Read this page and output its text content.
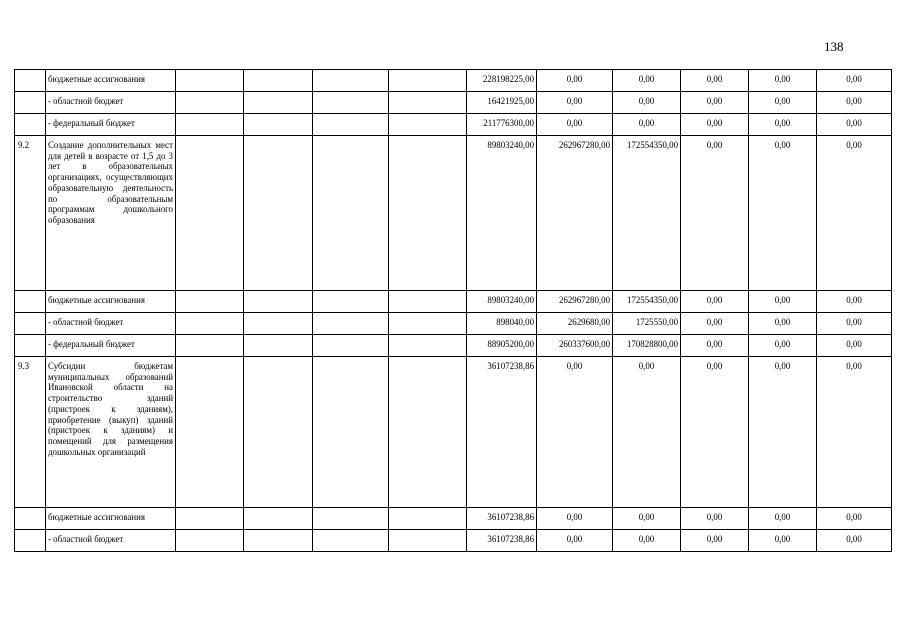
138
	бюджетные ассигнования					228198225,00	0,00	0,00	0,00	0,00	0,00
	- областной бюджет					16421925,00	0,00	0,00	0,00	0,00	0,00
	- федеральный бюджет					211776300,00	0,00	0,00	0,00	0,00	0,00
9.2	Создание дополнительных мест для детей в возрасте от 1,5 до 3 лет в образовательных организациях, осуществляющих образовательную деятельность по образовательным программам дошкольного образования					89803240,00	262967280,00	172554350,00	0,00	0,00	0,00
	бюджетные ассигнования					89803240,00	262967280,00	172554350,00	0,00	0,00	0,00
	- областной бюджет					898040,00	2629680,00	1725550,00	0,00	0,00	0,00
	- федеральный бюджет					88905200,00	260337600,00	170828800,00	0,00	0,00	0,00
9.3	Субсидии бюджетам муниципальных образований Ивановской области на строительство зданий (пристроек к зданиям), приобретение (выкуп) зданий (пристроек к зданиям) и помещений для размещения дошкольных организаций					36107238,86	0,00	0,00	0,00	0,00	0,00
	бюджетные ассигнования					36107238,86	0,00	0,00	0,00	0,00	0,00
	- областной бюджет					36107238,86	0,00	0,00	0,00	0,00	0,00
